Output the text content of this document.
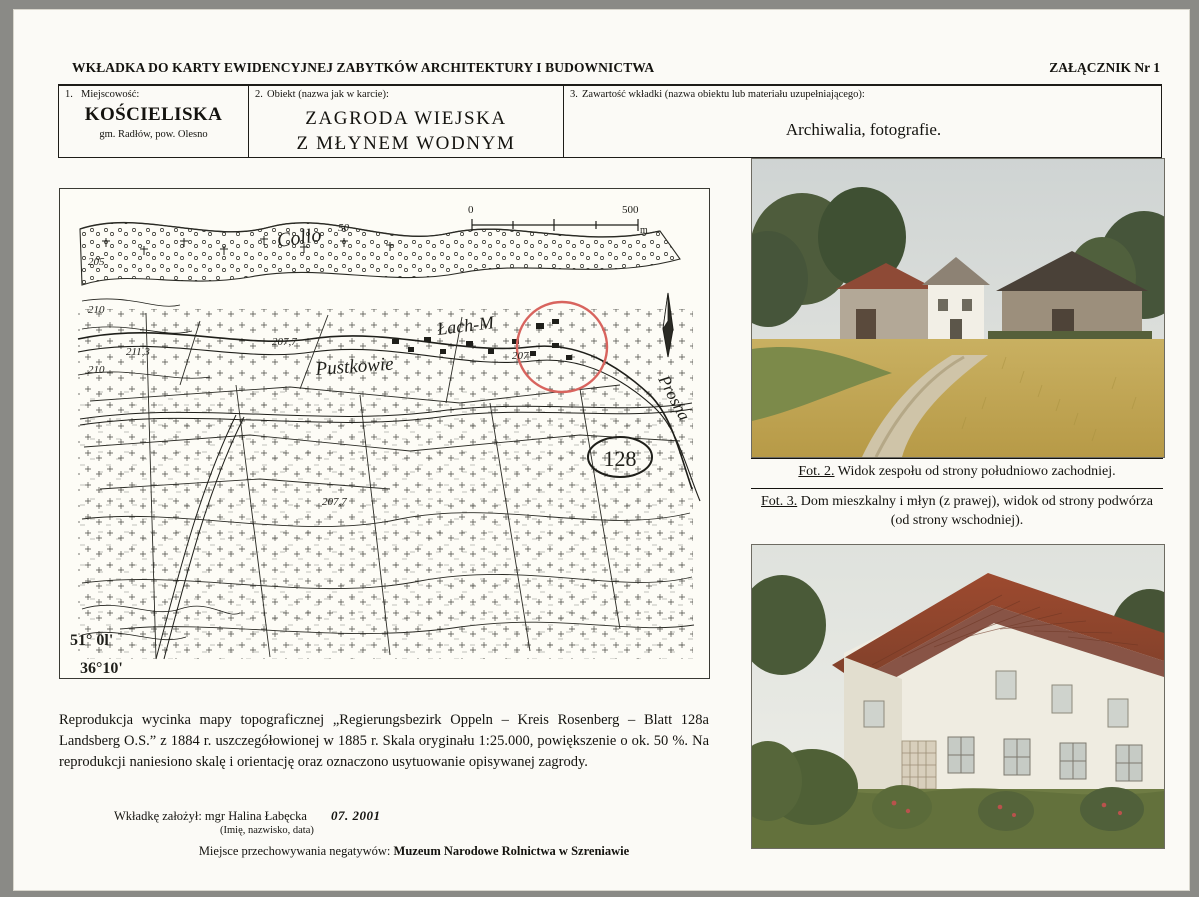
WKŁADKA DO KARTY EWIDENCYJNEJ ZABYTKÓW ARCHITEKTURY I BUDOWNICTWA	ZAŁĄCZNIK Nr 1
1. Miejscowość:
KOŚCIELISKA
gm. Radłów, pow. Olesno
2. Obiekt (nazwa jak w karcie):
ZAGRODA WIEJSKA
Z MŁYNEM WODNYM
3. Zawartość wkładki (nazwa obiektu lub materiału uzupełniającego):
Archiwalia, fotografie.
0	500
m
205
210
211,3
210
207,7
207
207,7
50
Collo
Łach-M
Pustkowie
Prosna
128
51° 0l'
36°10'
Reprodukcja wycinka mapy topograficznej „Regierungsbezirk Oppeln – Kreis Rosenberg – Blatt 128a Landsberg O.S.” z 1884 r. uszczegółowionej w 1885 r. Skala oryginału 1:25.000, powiększenie o ok. 50 %. Na reprodukcji naniesiono skalę i orientację oraz oznaczono usytuowanie opisywanej zagrody.
Wkładkę założył: mgr Halina Łabęcka 07. 2001
(Imię, nazwisko, data)
Miejsce przechowywania negatywów: Muzeum Narodowe Rolnictwa w Szreniawie
Fot. 2. Widok zespołu od strony południowo zachodniej.
Fot. 3. Dom mieszkalny i młyn (z prawej), widok od strony podwórza (od strony wschodniej).
